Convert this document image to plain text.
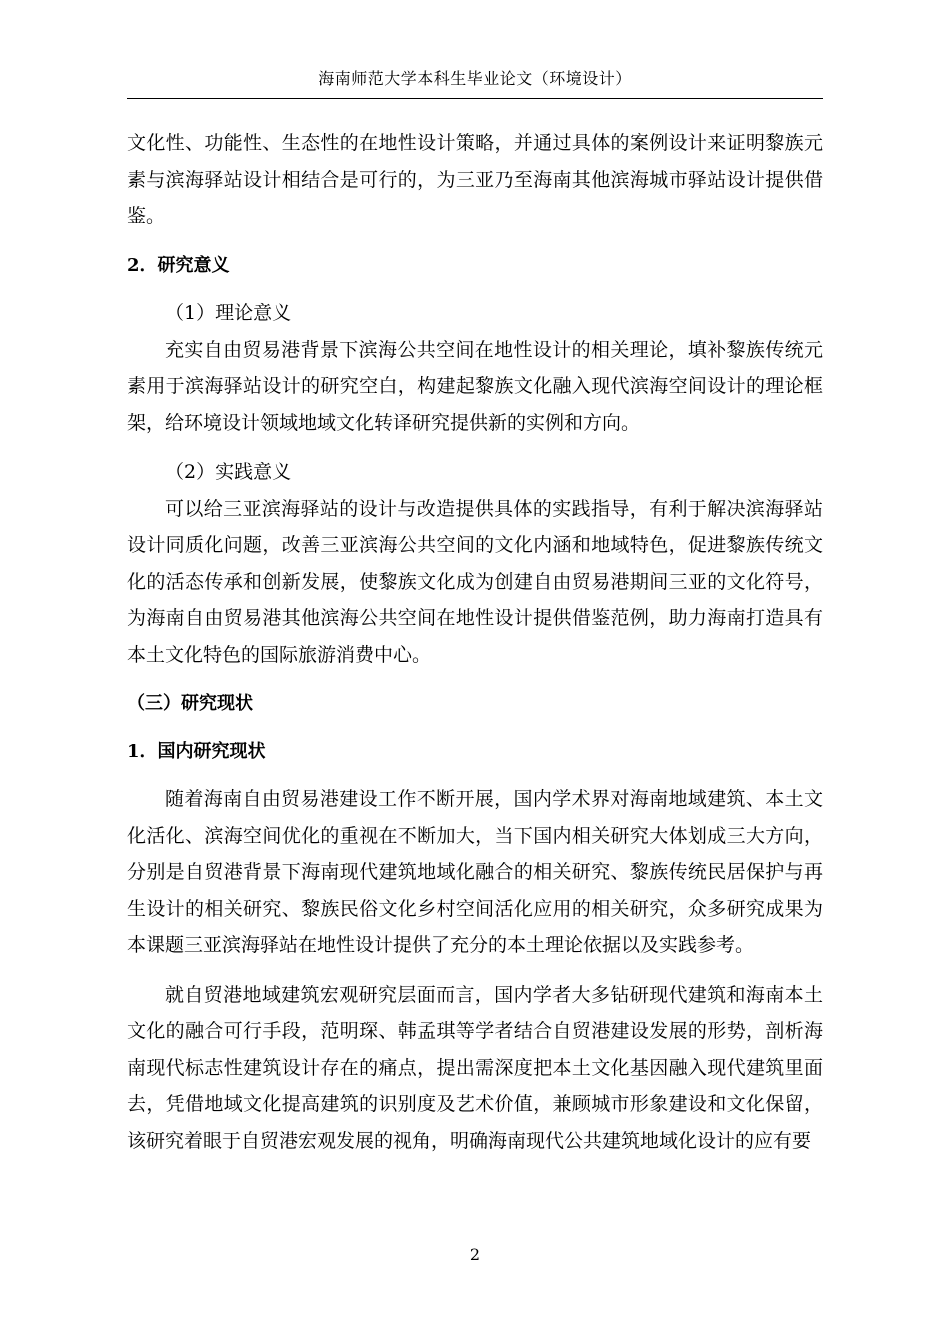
海南师范大学本科生毕业论文（环境设计）

文化性、功能性、生态性的在地性设计策略，并通过具体的案例设计来证明黎族元素与滨海驿站设计相结合是可行的，为三亚乃至海南其他滨海城市驿站设计提供借鉴。

2．研究意义

（1）理论意义

充实自由贸易港背景下滨海公共空间在地性设计的相关理论，填补黎族传统元素用于滨海驿站设计的研究空白，构建起黎族文化融入现代滨海空间设计的理论框架，给环境设计领域地域文化转译研究提供新的实例和方向。

（2）实践意义

可以给三亚滨海驿站的设计与改造提供具体的实践指导，有利于解决滨海驿站设计同质化问题，改善三亚滨海公共空间的文化内涵和地域特色，促进黎族传统文化的活态传承和创新发展，使黎族文化成为创建自由贸易港期间三亚的文化符号，为海南自由贸易港其他滨海公共空间在地性设计提供借鉴范例，助力海南打造具有本土文化特色的国际旅游消费中心。

（三）研究现状
1．国内研究现状

随着海南自由贸易港建设工作不断开展，国内学术界对海南地域建筑、本土文化活化、滨海空间优化的重视在不断加大，当下国内相关研究大体划成三大方向，分别是自贸港背景下海南现代建筑地域化融合的相关研究、黎族传统民居保护与再生设计的相关研究、黎族民俗文化乡村空间活化应用的相关研究，众多研究成果为本课题三亚滨海驿站在地性设计提供了充分的本土理论依据以及实践参考。

就自贸港地域建筑宏观研究层面而言，国内学者大多钻研现代建筑和海南本土文化的融合可行手段，范明琛、韩孟琪等学者结合自贸港建设发展的形势，剖析海南现代标志性建筑设计存在的痛点，提出需深度把本土文化基因融入现代建筑里面去，凭借地域文化提高建筑的识别度及艺术价值，兼顾城市形象建设和文化保留，该研究着眼于自贸港宏观发展的视角，明确海南现代公共建筑地域化设计的应有要

2
